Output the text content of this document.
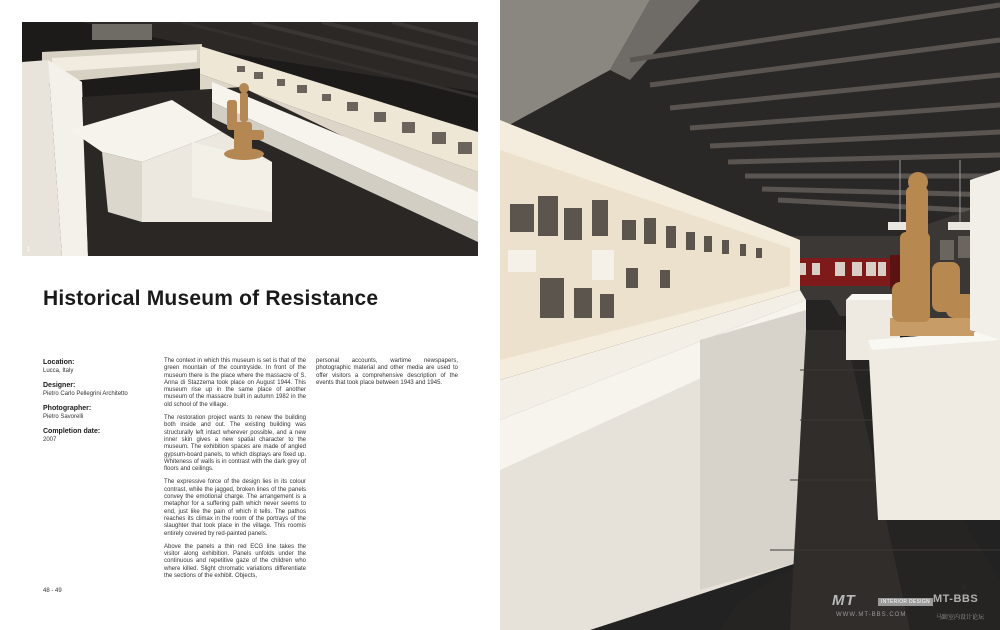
1
Historical Museum of Resistance
Location:
Lucca, Italy
Designer:
Pietro Carlo Pellegrini Architetto
Photographer:
Pietro Savorelli
Completion date:
2007

The context in which this museum is set is that of the green mountain of the countryside. In front of the museum there is the place where the massacre of S. Anna di Stazzema took place on August 1944. This museum rise up in the same place of another museum of the massacre built in autumn 1982 in the old school of the village.

The restoration project wants to renew the building both inside and out. The existing building was structurally left intact wherever possible, and a new inner skin gives a new spatial character to the museum. The exhibition spaces are made of angled gypsum-board panels, to which displays are fixed up. Whiteness of walls is in contrast with the dark grey of floors and ceilings.

The expressive force of the design lies in its colour contrast, while the jagged, broken lines of the panels convey the emotional charge. The arrangement is a metaphor for a suffering path which never seems to end, just like the pain of which it tells. The pathos reaches its climax in the room of the portrays of the slaughter that took place in the village. This roomis entirely covered by red-painted panels.

Above the panels a thin red ECG line takes the visitor along exhibition. Panels unfolds under the continuous and repetitive gaze of the children who where killed. Slight chromatic variations differentiate the sections of the exhibit. Objects,

personal accounts, wartime newspapers, photographic material and other media are used to offer visitors a comprehensive description of the events that took place between 1943 and 1945.

48 - 49	2
MT	INTERIOR DESIGN MT-BBS
WWW.MT-BBS.COM	马蹄室内设计论坛
